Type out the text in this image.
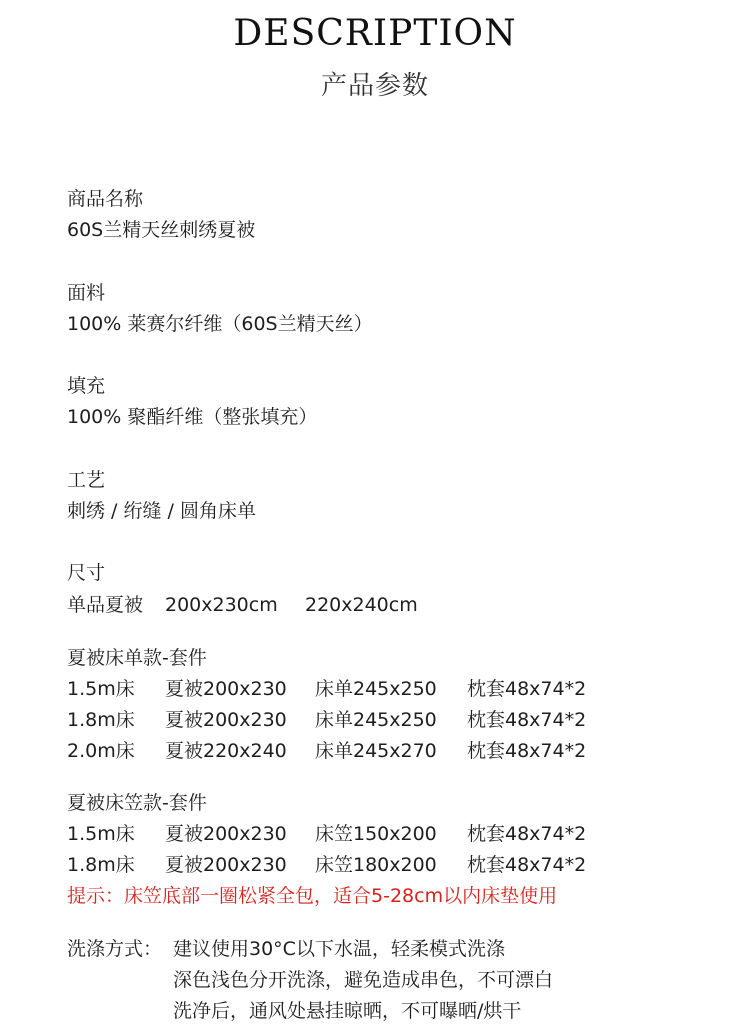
DESCRIPTION
产品参数
商品名称
60S兰精天丝刺绣夏被
面料
100% 莱赛尔纤维（60S兰精天丝）
填充
100% 聚酯纤维（整张填充）
工艺
刺绣 / 绗缝 / 圆角床单
尺寸
单品夏被 200x230cm 220x240cm
夏被床单款-套件
1.5m床 夏被200x230 床单245x250 枕套48x74*2
1.8m床 夏被200x230 床单245x250 枕套48x74*2
2.0m床 夏被220x240 床单245x270 枕套48x74*2
夏被床笠款-套件
1.5m床 夏被200x230 床笠150x200 枕套48x74*2
1.8m床 夏被200x230 床笠180x200 枕套48x74*2
提示：床笠底部一圈松紧全包，适合5-28cm以内床垫使用
洗涤方式： 建议使用30°C以下水温，轻柔模式洗涤
深色浅色分开洗涤，避免造成串色，不可漂白
洗净后，通风处悬挂晾晒，不可曝晒/烘干
